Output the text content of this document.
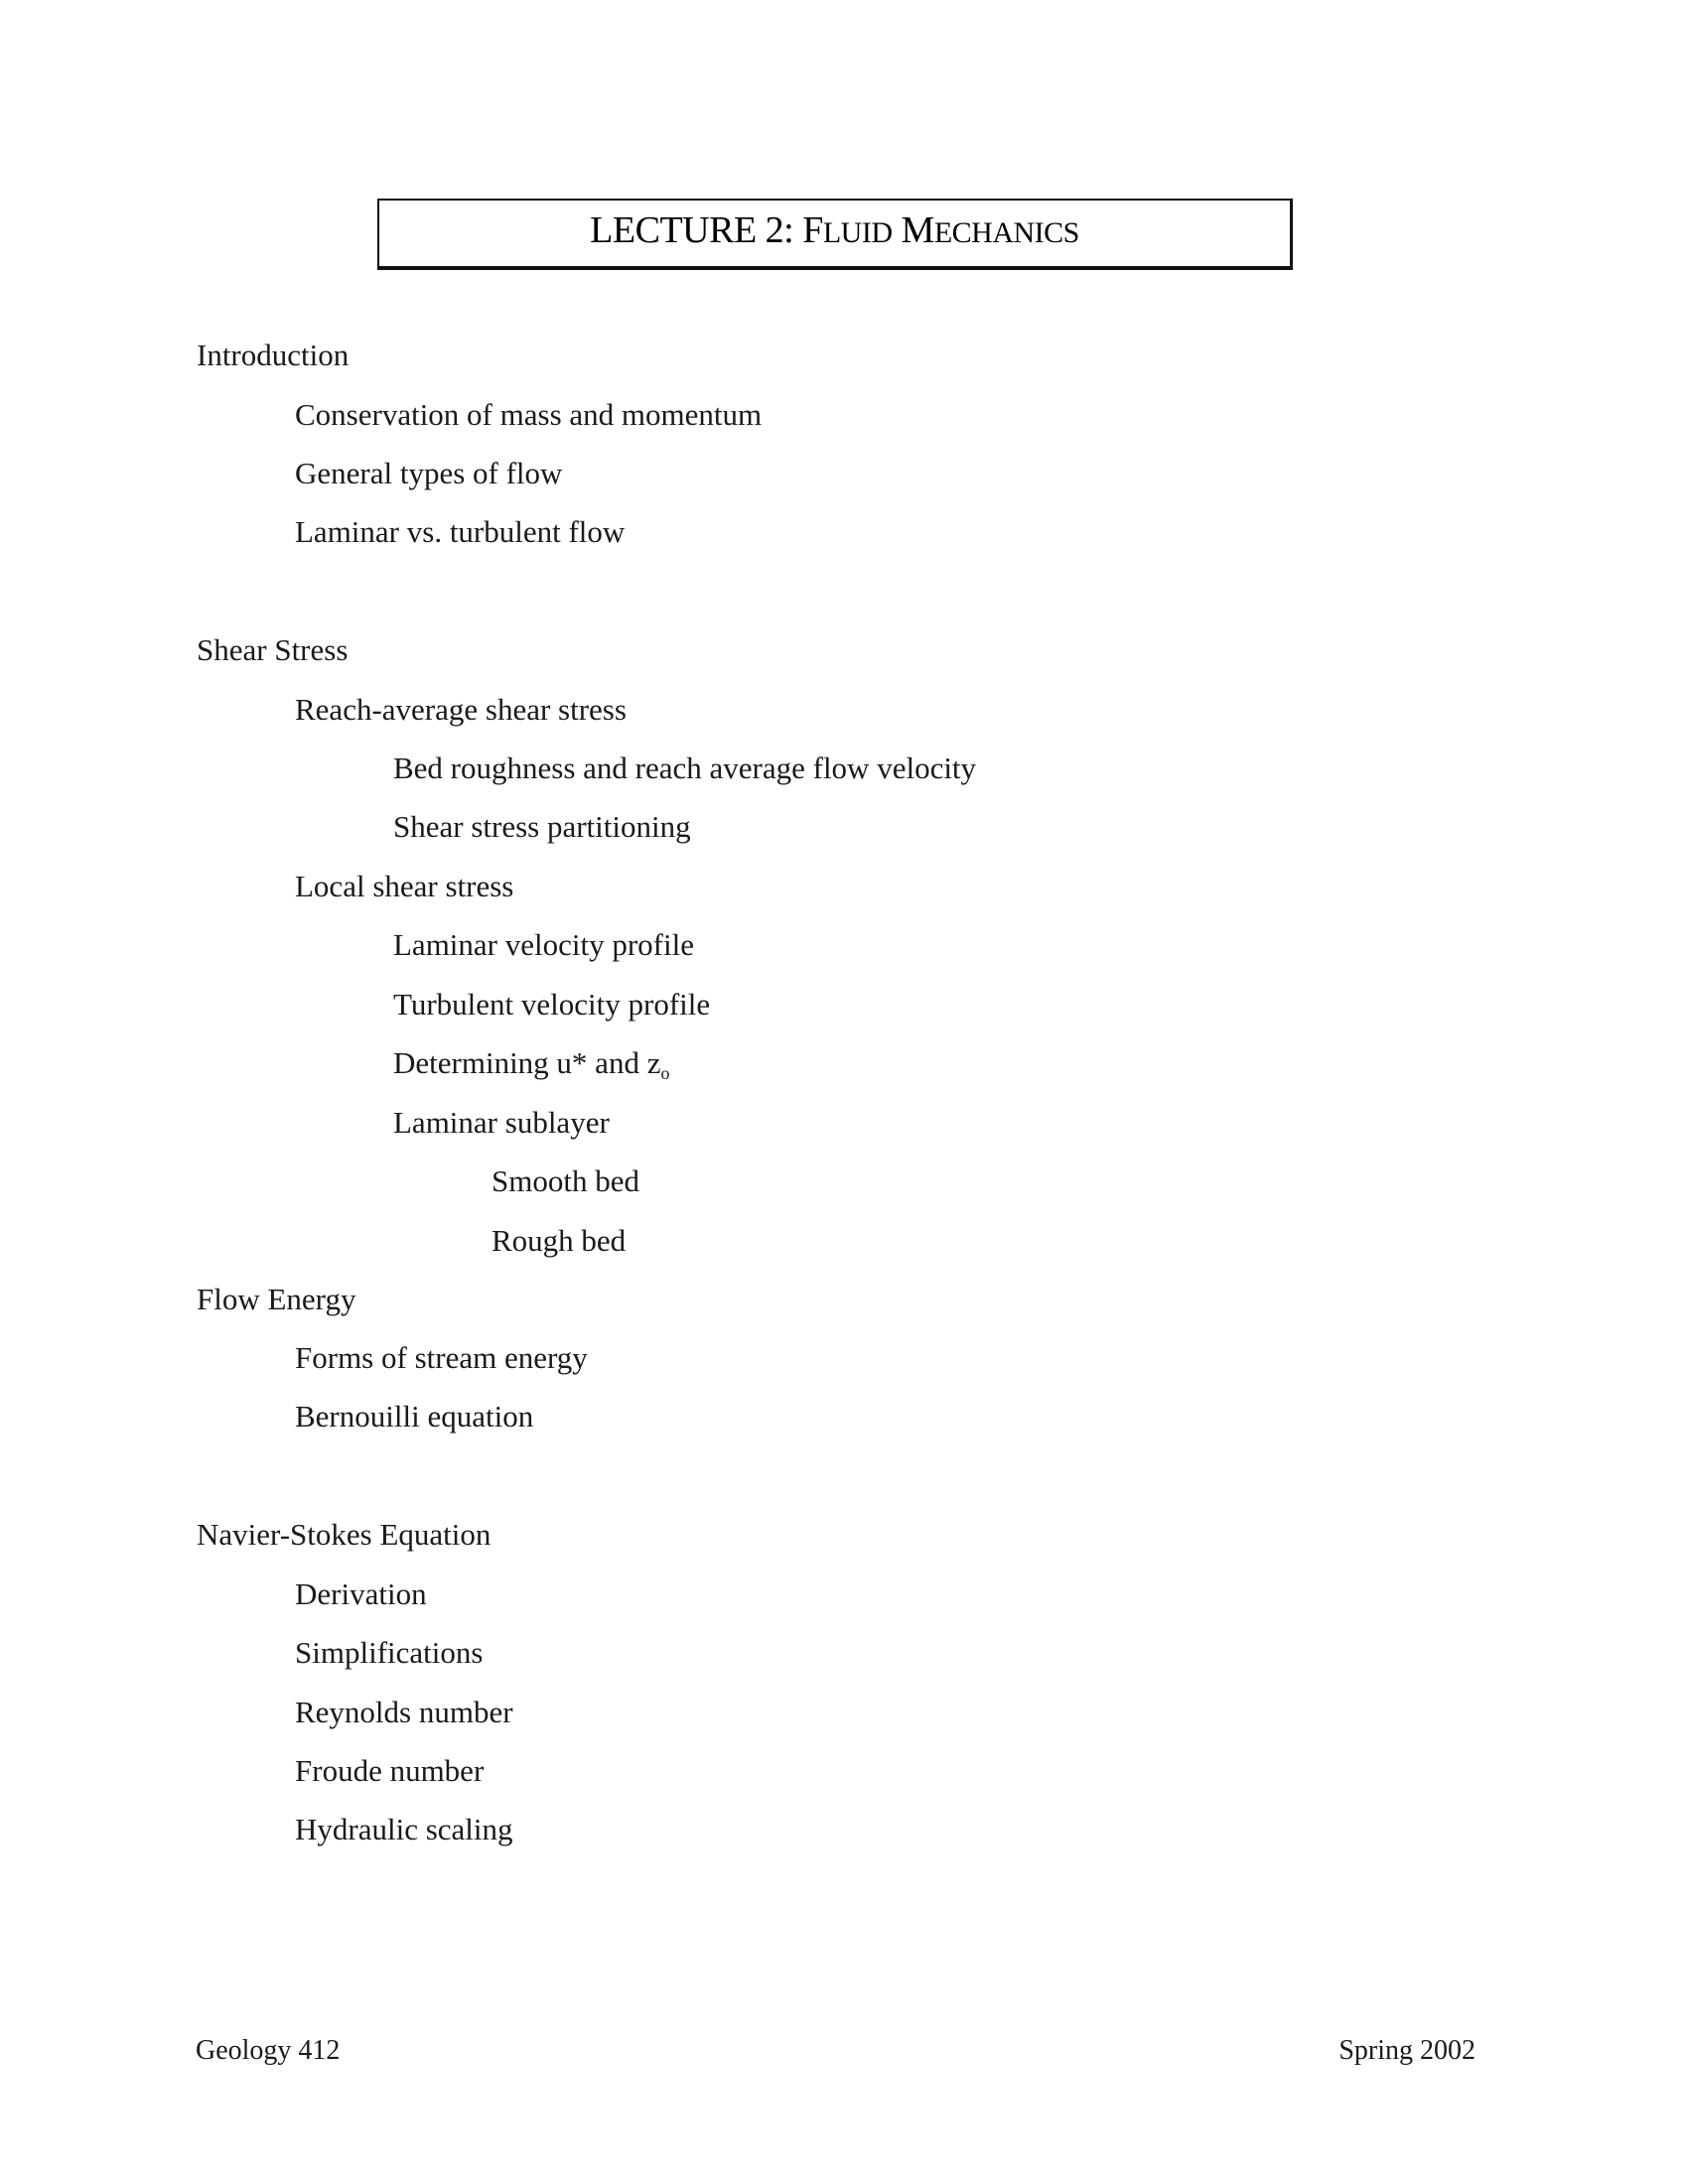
LECTURE 2: FLUID MECHANICS
Introduction
Conservation of mass and momentum
General types of flow
Laminar vs. turbulent flow
Shear Stress
Reach-average shear stress
Bed roughness and reach average flow velocity
Shear stress partitioning
Local shear stress
Laminar velocity profile
Turbulent velocity profile
Determining u* and $z_o$
Laminar sublayer
Smooth bed
Rough bed
Flow Energy
Forms of stream energy
Bernouilli equation
Navier-Stokes Equation
Derivation
Simplifications
Reynolds number
Froude number
Hydraulic scaling
Geology 412	Spring 2002
